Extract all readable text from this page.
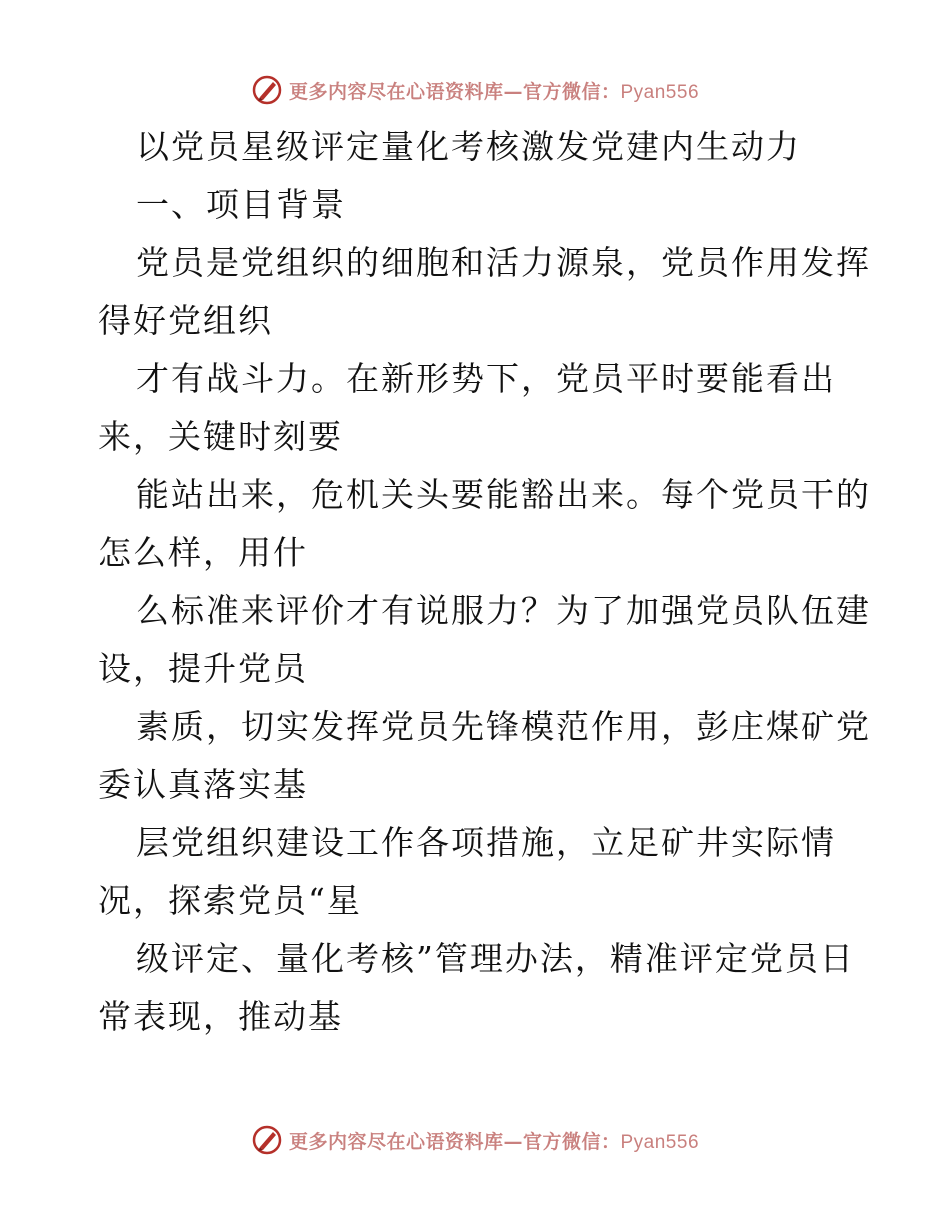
更多内容尽在心语资料库—官方微信：Pyan556
以党员星级评定量化考核激发党建内生动力
一、项目背景
党员是党组织的细胞和活力源泉，党员作用发挥
得好党组织
才有战斗力。在新形势下，党员平时要能看出
来，关键时刻要
能站出来，危机关头要能豁出来。每个党员干的
怎么样，用什
么标准来评价才有说服力？为了加强党员队伍建
设，提升党员
素质，切实发挥党员先锋模范作用，彭庄煤矿党
委认真落实基
层党组织建设工作各项措施，立足矿井实际情
况，探索党员“星
级评定、量化考核”管理办法，精准评定党员日
常表现，推动基
更多内容尽在心语资料库—官方微信：Pyan556
